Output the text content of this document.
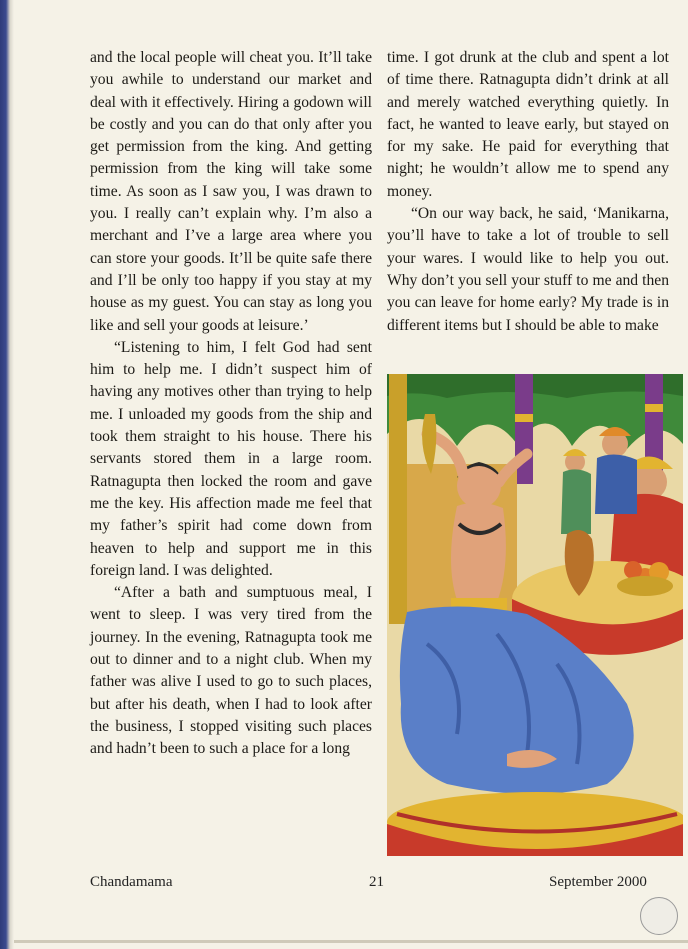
and the local people will cheat you. It’ll take you awhile to understand our market and deal with it effectively. Hiring a godown will be costly and you can do that only after you get permission from the king. And getting permission from the king will take some time. As soon as I saw you, I was drawn to you. I really can’t explain why. I’m also a merchant and I’ve a large area where you can store your goods. It’ll be quite safe there and I’ll be only too happy if you stay at my house as my guest. You can stay as long you like and sell your goods at leisure.’

“Listening to him, I felt God had sent him to help me. I didn’t suspect him of having any motives other than trying to help me. I unloaded my goods from the ship and took them straight to his house. There his servants stored them in a large room. Ratnagupta then locked the room and gave me the key. His affection made me feel that my father’s spirit had come down from heaven to help and support me in this foreign land. I was delighted.

“After a bath and sumptuous meal, I went to sleep. I was very tired from the journey. In the evening, Ratnagupta took me out to dinner and to a night club. When my father was alive I used to go to such places, but after his death, when I had to look after the business, I stopped visiting such places and hadn’t been to such a place for a long

time. I got drunk at the club and spent a lot of time there. Ratnagupta didn’t drink at all and merely watched everything quietly. In fact, he wanted to leave early, but stayed on for my sake. He paid for everything that night; he wouldn’t allow me to spend any money.

“On our way back, he said, ‘Manikarna, you’ll have to take a lot of trouble to sell your wares. I would like to help you out. Why don’t you sell your stuff to me and then you can leave for home early? My trade is in different items but I should be able to make

Chandamama	21	September 2000
